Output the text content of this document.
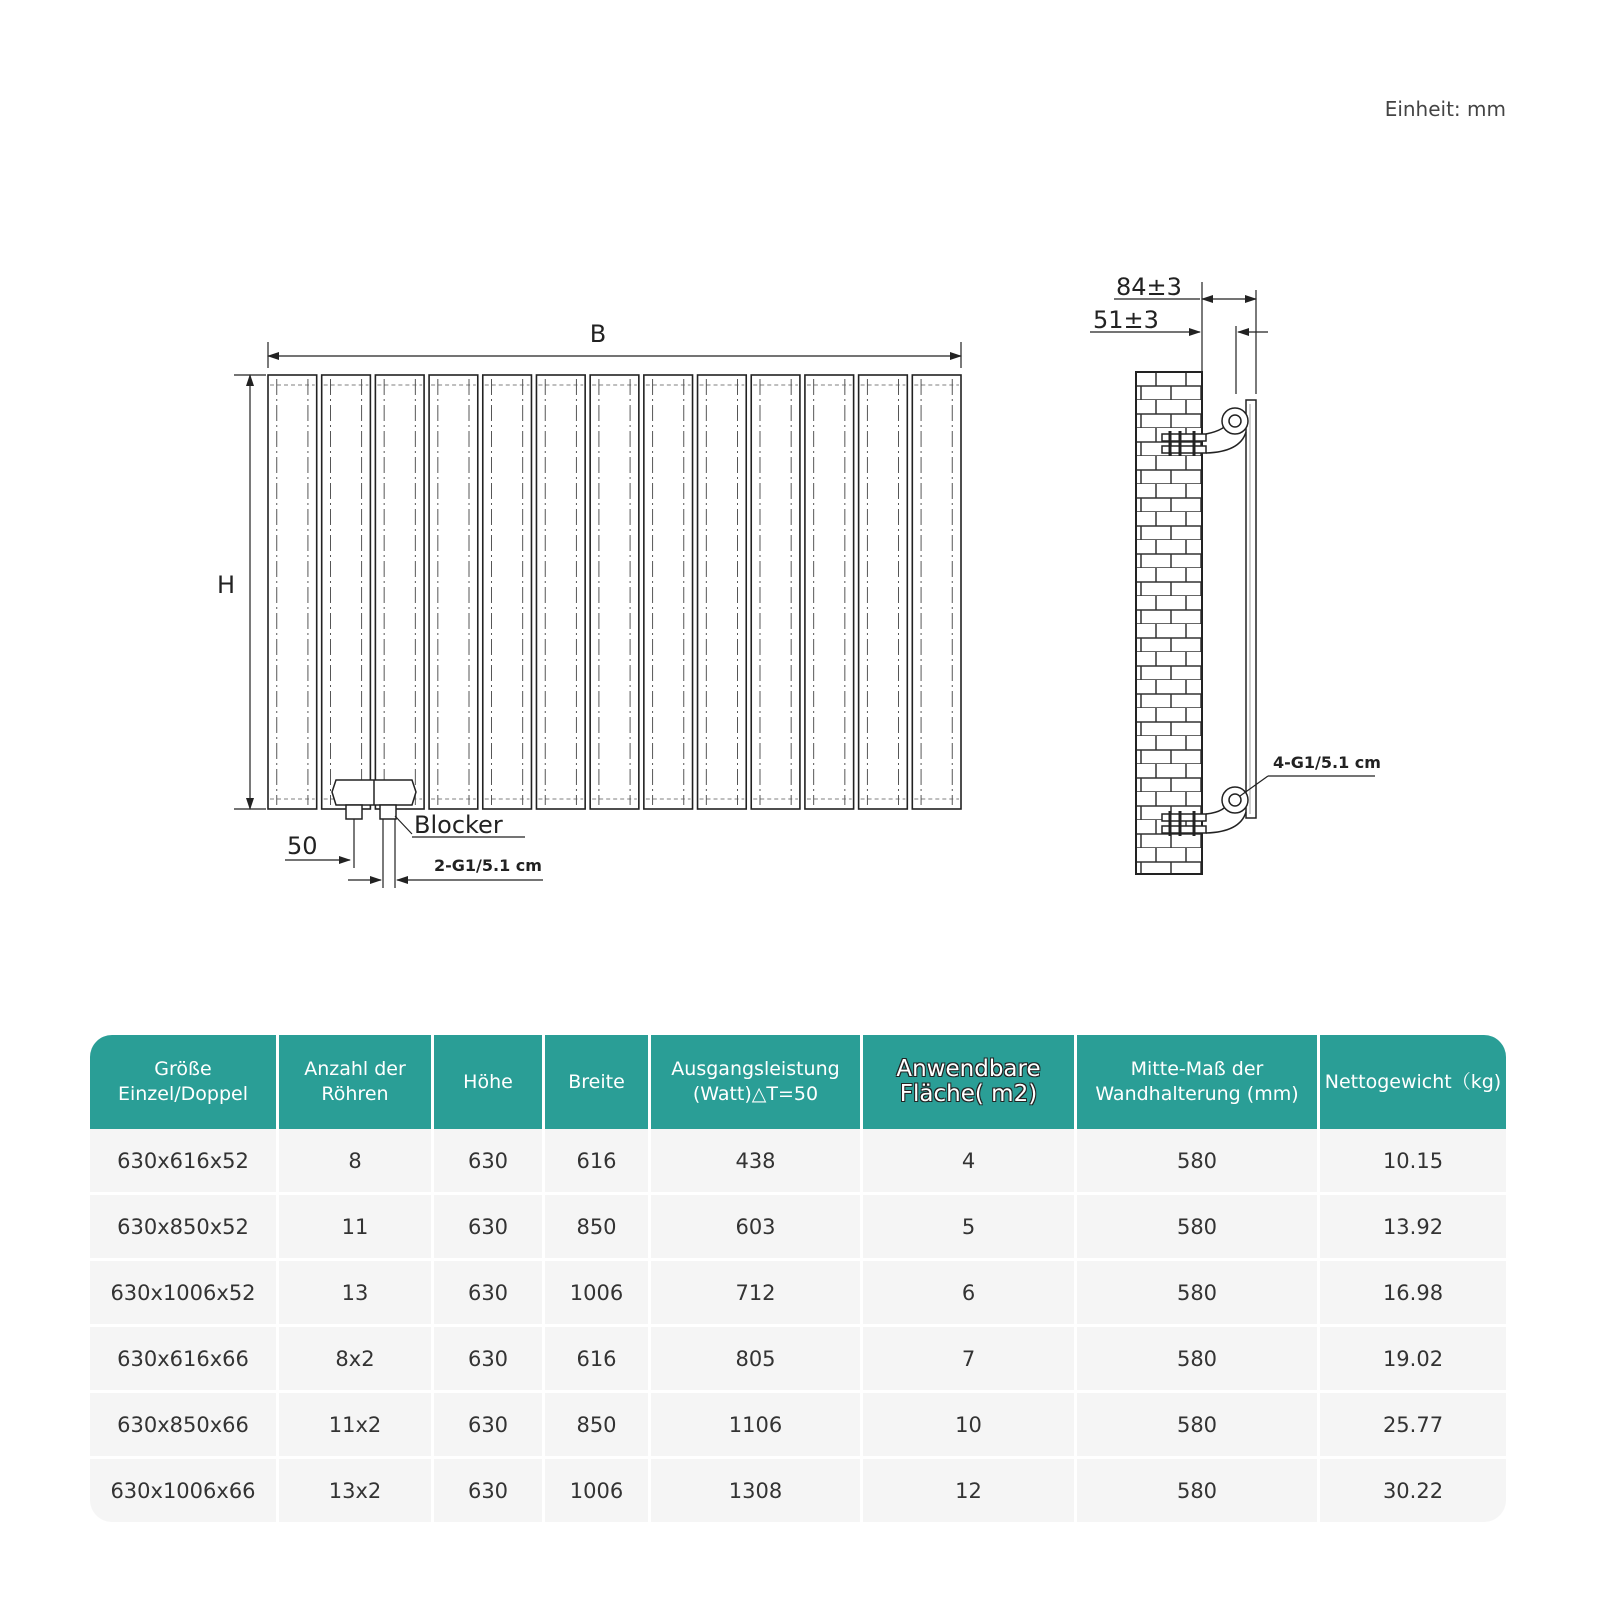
Einheit: mm
B
H
Blocker
50
2-G1/5.1 cm
84±3
51±3
4-G1/5.1 cm
Größe Einzel/Doppel	Anzahl der Röhren	Höhe	Breite	Ausgangsleistung (Watt)△T=50	Anwendbare Fläche( m2)	Mitte-Maß der Wandhalterung (mm)	Nettogewicht（kg)
630x616x52	8	630	616	438	4	580	10.15
630x850x52	11	630	850	603	5	580	13.92
630x1006x52	13	630	1006	712	6	580	16.98
630x616x66	8x2	630	616	805	7	580	19.02
630x850x66	11x2	630	850	1106	10	580	25.77
630x1006x66	13x2	630	1006	1308	12	580	30.22
